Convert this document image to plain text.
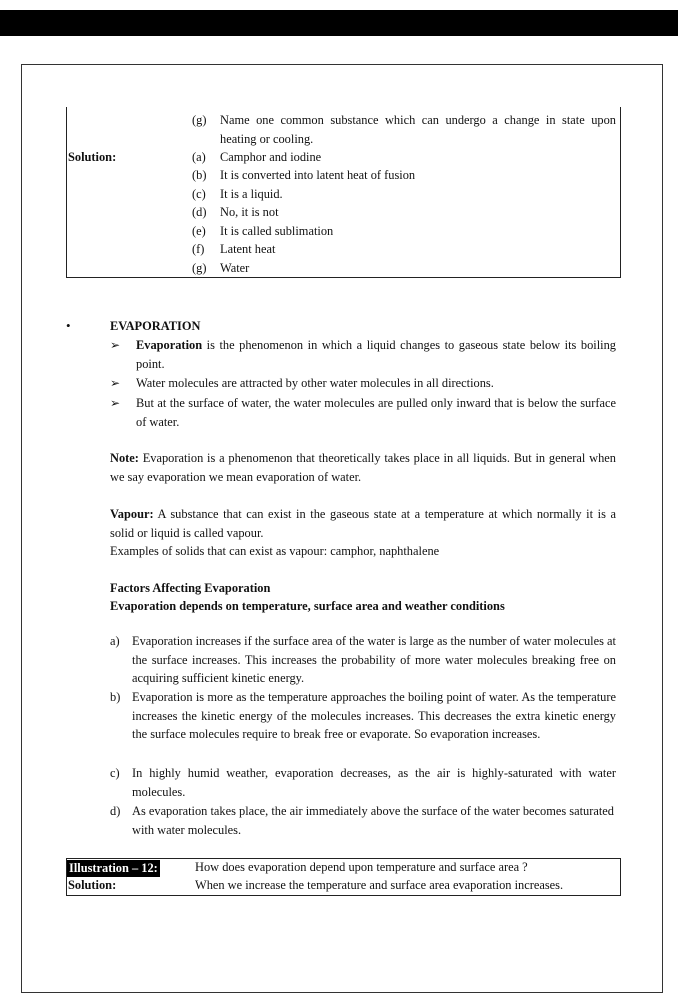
(g)	Name one common substance which can undergo a change in state upon heating or cooling.
Solution:	(a)	Camphor and iodine
(b)	It is converted into latent heat of fusion
(c)	It is a liquid.
(d)	No, it is not
(e)	It is called sublimation
(f)	Latent heat
(g)	Water
•	EVAPORATION
➢ Evaporation is the phenomenon in which a liquid changes to gaseous state below its boiling point.
➢ Water molecules are attracted by other water molecules in all directions.
➢ But at the surface of water, the water molecules are pulled only inward that is below the surface of water.
Note: Evaporation is a phenomenon that theoretically takes place in all liquids. But in general when we say evaporation we mean evaporation of water.
Vapour: A substance that can exist in the gaseous state at a temperature at which normally it is a solid or liquid is called vapour.
Examples of solids that can exist as vapour: camphor, naphthalene
Factors Affecting Evaporation
Evaporation depends on temperature, surface area and weather conditions
a) Evaporation increases if the surface area of the water is large as the number of water molecules at the surface increases. This increases the probability of more water molecules breaking free on acquiring sufficient kinetic energy.
b) Evaporation is more as the temperature approaches the boiling point of water. As the temperature increases the kinetic energy of the molecules increases. This decreases the extra kinetic energy the surface molecules require to break free or evaporate. So evaporation increases.
c) In highly humid weather, evaporation decreases, as the air is highly-saturated with water molecules.
d) As evaporation takes place, the air immediately above the surface of the water becomes saturated with water molecules.
Illustration – 12:	How does evaporation depend upon temperature and surface area ?
Solution:	When we increase the temperature and surface area evaporation increases.
